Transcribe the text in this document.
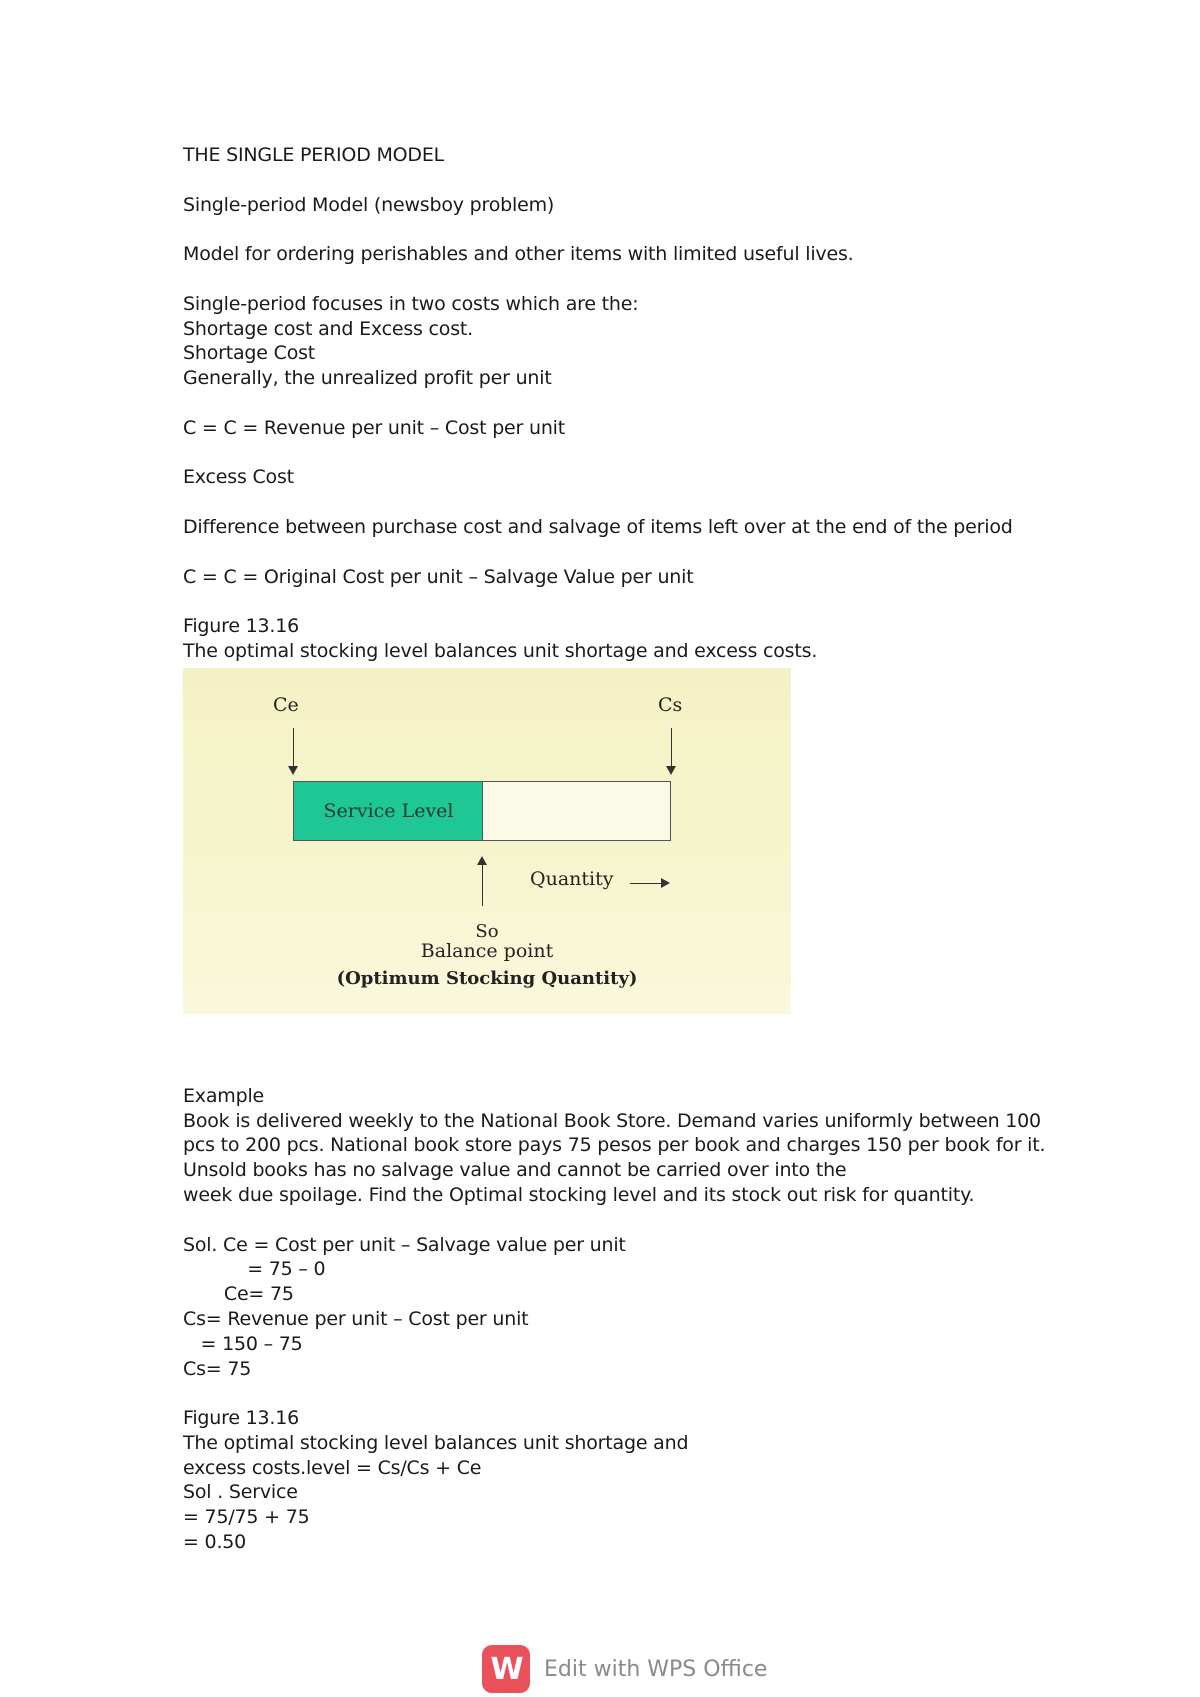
THE SINGLE PERIOD MODEL
Single-period Model (newsboy problem)
Model for ordering perishables and other items with limited useful lives.
Single-period focuses in two costs which are the:
Shortage cost and Excess cost.
Shortage Cost
Generally, the unrealized profit per unit
C = C = Revenue per unit – Cost per unit
Excess Cost
Difference between purchase cost and salvage of items left over at the end of the period
C = C = Original Cost per unit – Salvage Value per unit
Figure 13.16
The optimal stocking level balances unit shortage and excess costs.
Ce	Cs
Service Level
Quantity
So
Balance point
(Optimum Stocking Quantity)
Example
Book is delivered weekly to the National Book Store. Demand varies uniformly between 100
pcs to 200 pcs. National book store pays 75 pesos per book and charges 150 per book for it.
Unsold books has no salvage value and cannot be carried over into the
week due spoilage. Find the Optimal stocking level and its stock out risk for quantity.
Sol. Ce = Cost per unit – Salvage value per unit
= 75 – 0
Ce= 75
Cs= Revenue per unit – Cost per unit
= 150 – 75
Cs= 75
Figure 13.16
The optimal stocking level balances unit shortage and
excess costs.level = Cs/Cs + Ce
Sol . Service
= 75/75 + 75
= 0.50
W	Edit with WPS Office
